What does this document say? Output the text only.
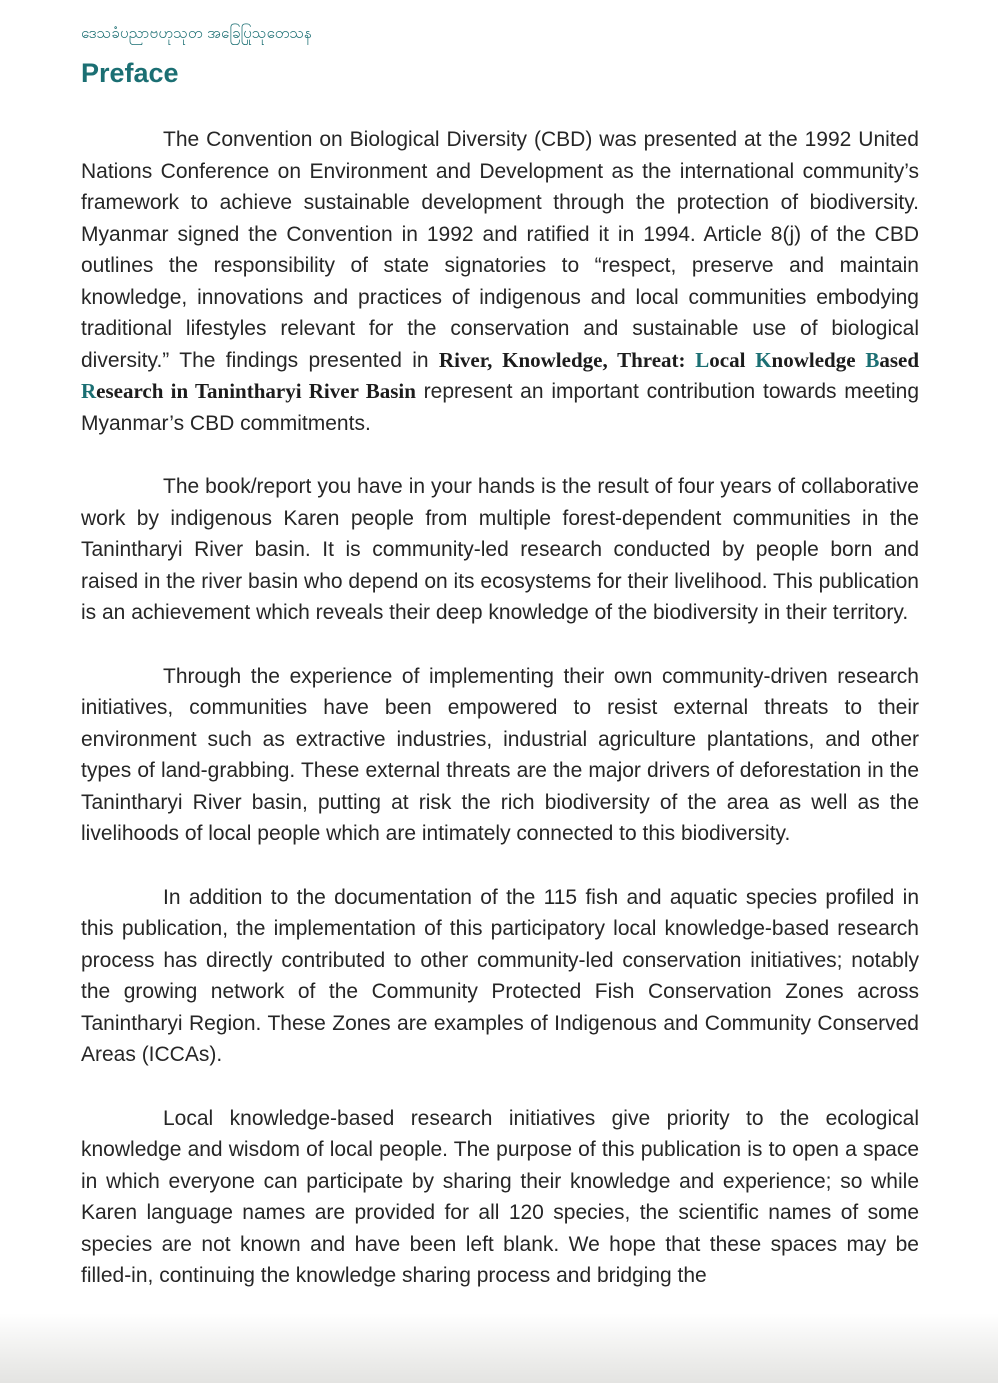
ဒေသခံပညာဗဟုသုတ အခြေပြုသုတေသန
Preface

The Convention on Biological Diversity (CBD) was presented at the 1992 United Nations Conference on Environment and Development as the international community’s framework to achieve sustainable development through the protection of biodiversity. Myanmar signed the Convention in 1992 and ratified it in 1994. Article 8(j) of the CBD outlines the responsibility of state signatories to “respect, preserve and maintain knowledge, innovations and practices of indigenous and local communities embodying traditional lifestyles relevant for the conservation and sustainable use of biological diversity.” The findings presented in River, Knowledge, Threat: Local Knowledge Based Research in Tanintharyi River Basin represent an important contribution towards meeting Myanmar’s CBD commitments.

The book/report you have in your hands is the result of four years of collaborative work by indigenous Karen people from multiple forest-dependent communities in the Tanintharyi River basin. It is community-led research conducted by people born and raised in the river basin who depend on its ecosystems for their livelihood. This publication is an achievement which reveals their deep knowledge of the biodiversity in their territory.

Through the experience of implementing their own community-driven research initiatives, communities have been empowered to resist external threats to their environment such as extractive industries, industrial agriculture plantations, and other types of land-grabbing. These external threats are the major drivers of deforestation in the Tanintharyi River basin, putting at risk the rich biodiversity of the area as well as the livelihoods of local people which are intimately connected to this biodiversity.

In addition to the documentation of the 115 fish and aquatic species profiled in this publication, the implementation of this participatory local knowledge-based research process has directly contributed to other community-led conservation initiatives; notably the growing network of the Community Protected Fish Conservation Zones across Tanintharyi Region. These Zones are examples of Indigenous and Community Conserved Areas (ICCAs).

Local knowledge-based research initiatives give priority to the ecological knowledge and wisdom of local people. The purpose of this publication is to open a space in which everyone can participate by sharing their knowledge and experience; so while Karen language names are provided for all 120 species, the scientific names of some species are not known and have been left blank. We hope that these spaces may be filled-in, continuing the knowledge sharing process and bridging the
